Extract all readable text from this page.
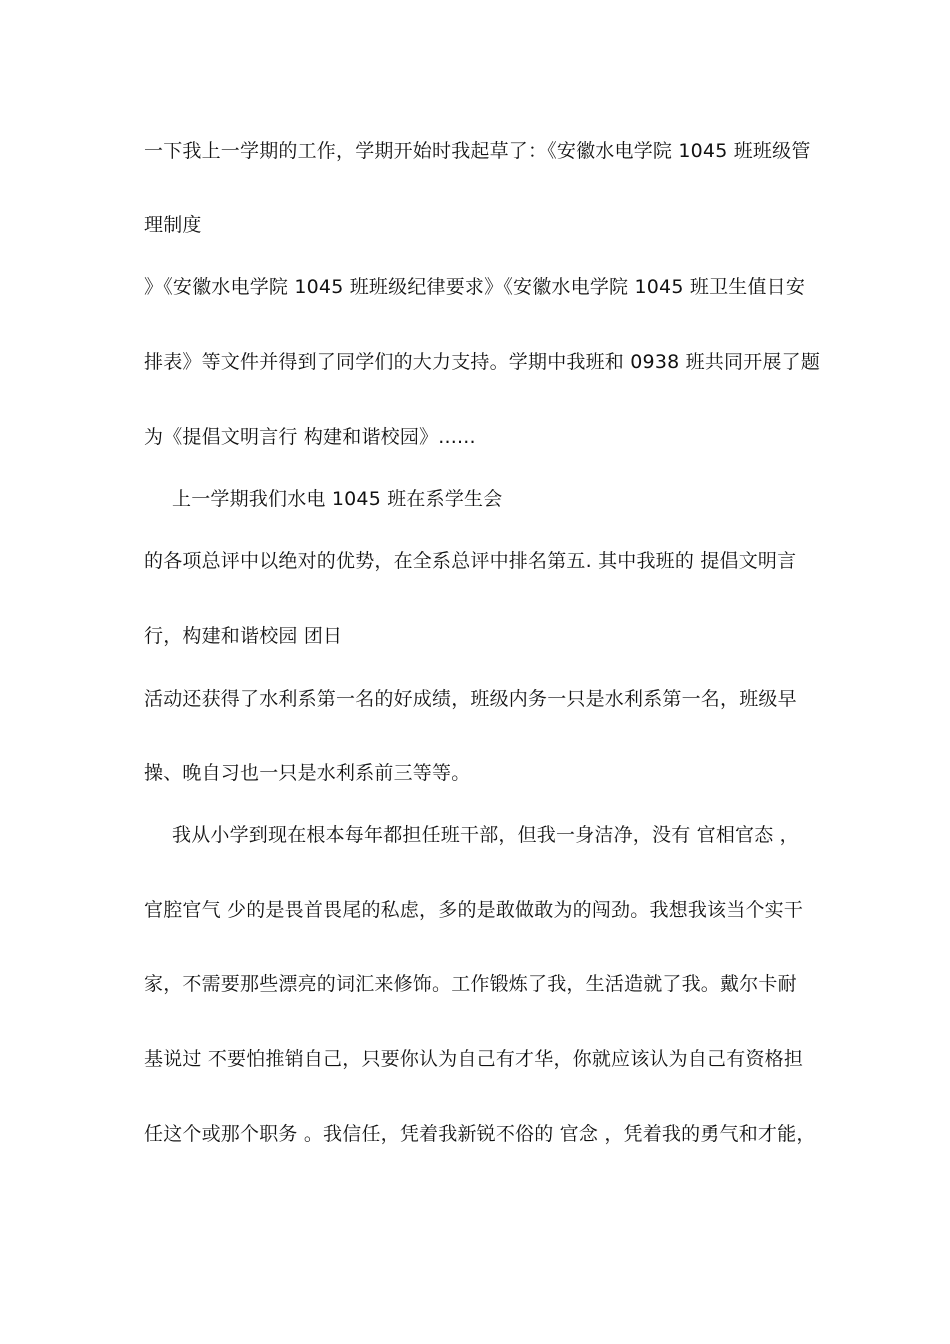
一下我上一学期的工作，学期开始时我起草了：《安徽水电学院 1045 班班级管
理制度
》《安徽水电学院 1045 班班级纪律要求》《安徽水电学院 1045 班卫生值日安
排表》等文件并得到了同学们的大力支持。学期中我班和 0938 班共同开展了题
为《提倡文明言行 构建和谐校园》......
上一学期我们水电 1045 班在系学生会
的各项总评中以绝对的优势，在全系总评中排名第五. 其中我班的 提倡文明言
行，构建和谐校园 团日
活动还获得了水利系第一名的好成绩，班级内务一只是水利系第一名，班级早
操、晚自习也一只是水利系前三等等。
我从小学到现在根本每年都担任班干部，但我一身洁净，没有 官相官态 ，
官腔官气 少的是畏首畏尾的私虑，多的是敢做敢为的闯劲。我想我该当个实干
家，不需要那些漂亮的词汇来修饰。工作锻炼了我，生活造就了我。戴尔卡耐
基说过 不要怕推销自己，只要你认为自己有才华，你就应该认为自己有资格担
任这个或那个职务 。我信任，凭着我新锐不俗的 官念 ，凭着我的勇气和才能，
